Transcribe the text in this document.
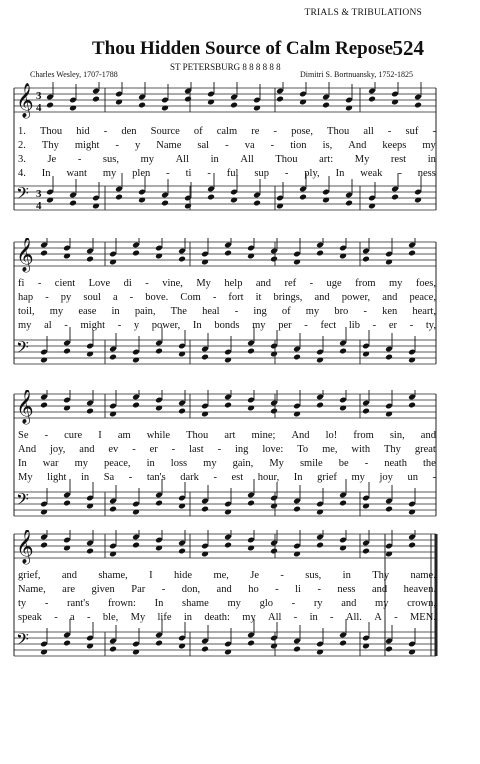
TRIALS & TRIBULATIONS
Thou Hidden Source of Calm Repose 524
ST PETERSBURG 8 8 8 8 8 8
Charles Wesley, 1707-1788	Dimitri S. Bortnuansky, 1752-1825
𝄞 3
4
𝄢 3
4
1. Thou hid - den Source of calm re - pose, Thou all - suf -
2. Thy might - y Name sal - va - tion is, And keeps my
3. Je - sus, my All in All Thou art: My rest in
4. In want my plen - ti - ful sup - ply, In weak - ness
𝄞
𝄢
fi - cient Love di - vine, My help and ref - uge from my foes,
hap - py soul a - bove. Com - fort it brings, and power, and peace,
toil, my ease in pain, The heal - ing of my bro - ken heart,
my al - might - y power, In bonds my per - fect lib - er - ty,
𝄞
𝄢
Se - cure I am while Thou art mine; And lo! from sin, and
And joy, and ev - er - last - ing love: To me, with Thy great
In war my peace, in loss my gain, My smile be - neath the
My light in Sa - tan's dark - est hour, In grief my joy un -
𝄞
𝄢
grief, and shame, I hide me, Je - sus, in Thy name.
Name, are given Par - don, and ho - li - ness and heaven.
ty - rant's frown: In shame my glo - ry and my crown,
speak - a - ble, My life in death: my All - in - All. A - MEN.
